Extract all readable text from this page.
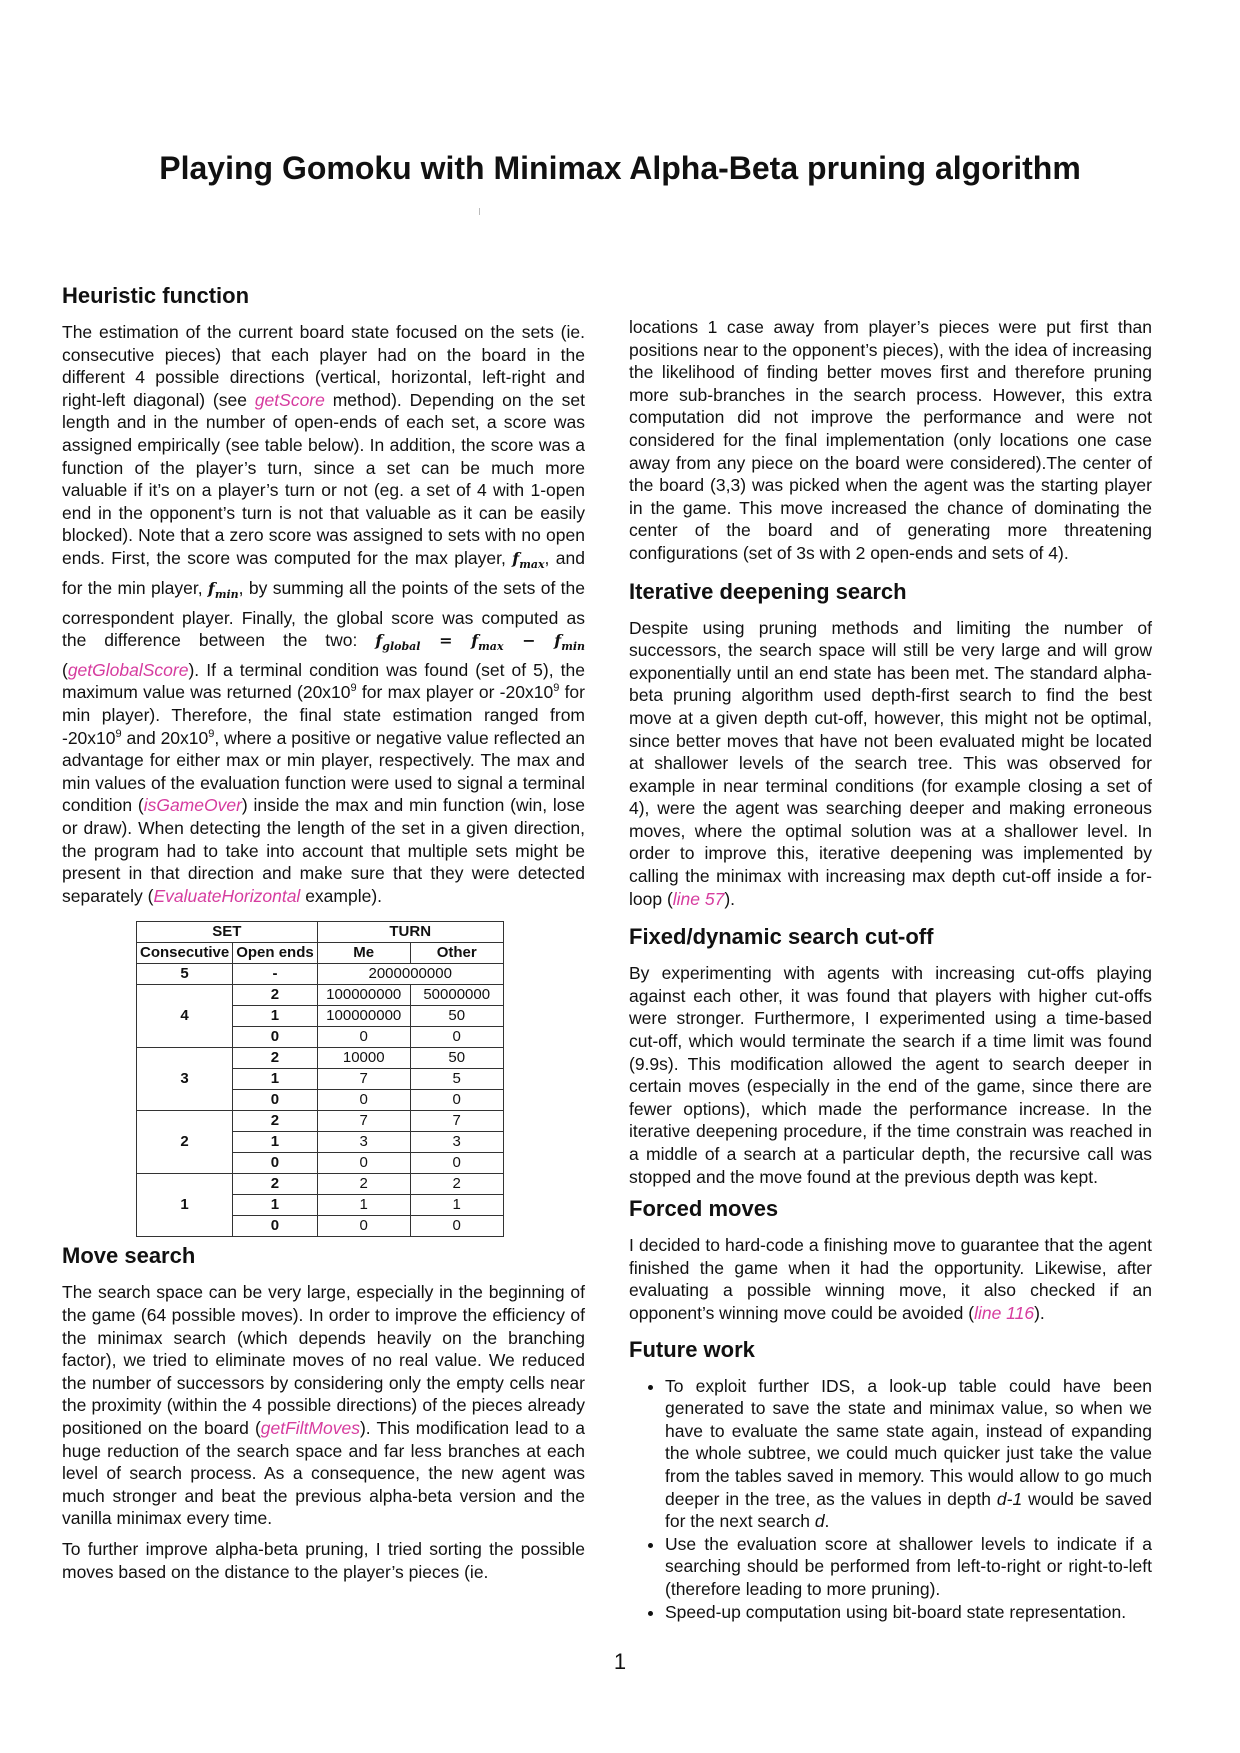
Playing Gomoku with Minimax Alpha-Beta pruning algorithm
Heuristic function

The estimation of the current board state focused on the sets (ie. consecutive pieces) that each player had on the board in the different 4 possible directions (vertical, horizontal, left-right and right-left diagonal) (see getScore method). Depending on the set length and in the number of open-ends of each set, a score was assigned empirically (see table below). In addition, the score was a function of the player’s turn, since a set can be much more valuable if it’s on a player’s turn or not (eg. a set of 4 with 1-open end in the opponent’s turn is not that valuable as it can be easily blocked). Note that a zero score was assigned to sets with no open ends. First, the score was computed for the max player, $f_{max}$, and for the min player, $f_{min}$, by summing all the points of the sets of the correspondent player. Finally, the global score was computed as the difference between the two: $f_{global} = f_{max} - f_{min}$ (getGlobalScore). If a terminal condition was found (set of 5), the maximum value was returned ($20x10^9$ for max player or $-20x10^9$ for min player). Therefore, the final state estimation ranged from $-20x10^9$ and $20x10^9$, where a positive or negative value reflected an advantage for either max or min player, respectively. The max and min values of the evaluation function were used to signal a terminal condition (isGameOver) inside the max and min function (win, lose or draw). When detecting the length of the set in a given direction, the program had to take into account that multiple sets might be present in that direction and make sure that they were detected separately (EvaluateHorizontal example).

SET		TURN	
Consecutive	Open ends	Me	Other
5	-	2000000000	
4	2	100000000	50000000
	1	100000000	50
	0	0	0
3	2	10000	50
	1	7	5
	0	0	0
2	2	7	7
	1	3	3
	0	0	0
1	2	2	2
	1	1	1
	0	0	0
Move search

The search space can be very large, especially in the beginning of the game (64 possible moves). In order to improve the efficiency of the minimax search (which depends heavily on the branching factor), we tried to eliminate moves of no real value. We reduced the number of successors by considering only the empty cells near the proximity (within the 4 possible directions) of the pieces already positioned on the board (getFiltMoves). This modification lead to a huge reduction of the search space and far less branches at each level of search process. As a consequence, the new agent was much stronger and beat the previous alpha-beta version and the vanilla minimax every time.

To further improve alpha-beta pruning, I tried sorting the possible moves based on the distance to the player’s pieces (ie.

locations 1 case away from player’s pieces were put first than positions near to the opponent’s pieces), with the idea of increasing the likelihood of finding better moves first and therefore pruning more sub-branches in the search process. However, this extra computation did not improve the performance and were not considered for the final implementation (only locations one case away from any piece on the board were considered).The center of the board (3,3) was picked when the agent was the starting player in the game. This move increased the chance of dominating the center of the board and of generating more threatening configurations (set of 3s with 2 open-ends and sets of 4).

Iterative deepening search

Despite using pruning methods and limiting the number of successors, the search space will still be very large and will grow exponentially until an end state has been met. The standard alpha-beta pruning algorithm used depth-first search to find the best move at a given depth cut-off, however, this might not be optimal, since better moves that have not been evaluated might be located at shallower levels of the search tree. This was observed for example in near terminal conditions (for example closing a set of 4), were the agent was searching deeper and making erroneous moves, where the optimal solution was at a shallower level. In order to improve this, iterative deepening was implemented by calling the minimax with increasing max depth cut-off inside a for-loop (line 57).

Fixed/dynamic search cut-off

By experimenting with agents with increasing cut-offs playing against each other, it was found that players with higher cut-offs were stronger. Furthermore, I experimented using a time-based cut-off, which would terminate the search if a time limit was found (9.9s). This modification allowed the agent to search deeper in certain moves (especially in the end of the game, since there are fewer options), which made the performance increase. In the iterative deepening procedure, if the time constrain was reached in a middle of a search at a particular depth, the recursive call was stopped and the move found at the previous depth was kept.

Forced moves

I decided to hard-code a finishing move to guarantee that the agent finished the game when it had the opportunity. Likewise, after evaluating a possible winning move, it also checked if an opponent’s winning move could be avoided (line 116).

Future work
• To exploit further IDS, a look-up table could have been generated to save the state and minimax value, so when we have to evaluate the same state again, instead of expanding the whole subtree, we could much quicker just take the value from the tables saved in memory. This would allow to go much deeper in the tree, as the values in depth d-1 would be saved for the next search d.
• Use the evaluation score at shallower levels to indicate if a searching should be performed from left-to-right or right-to-left (therefore leading to more pruning).
• Speed-up computation using bit-board state representation.
1
